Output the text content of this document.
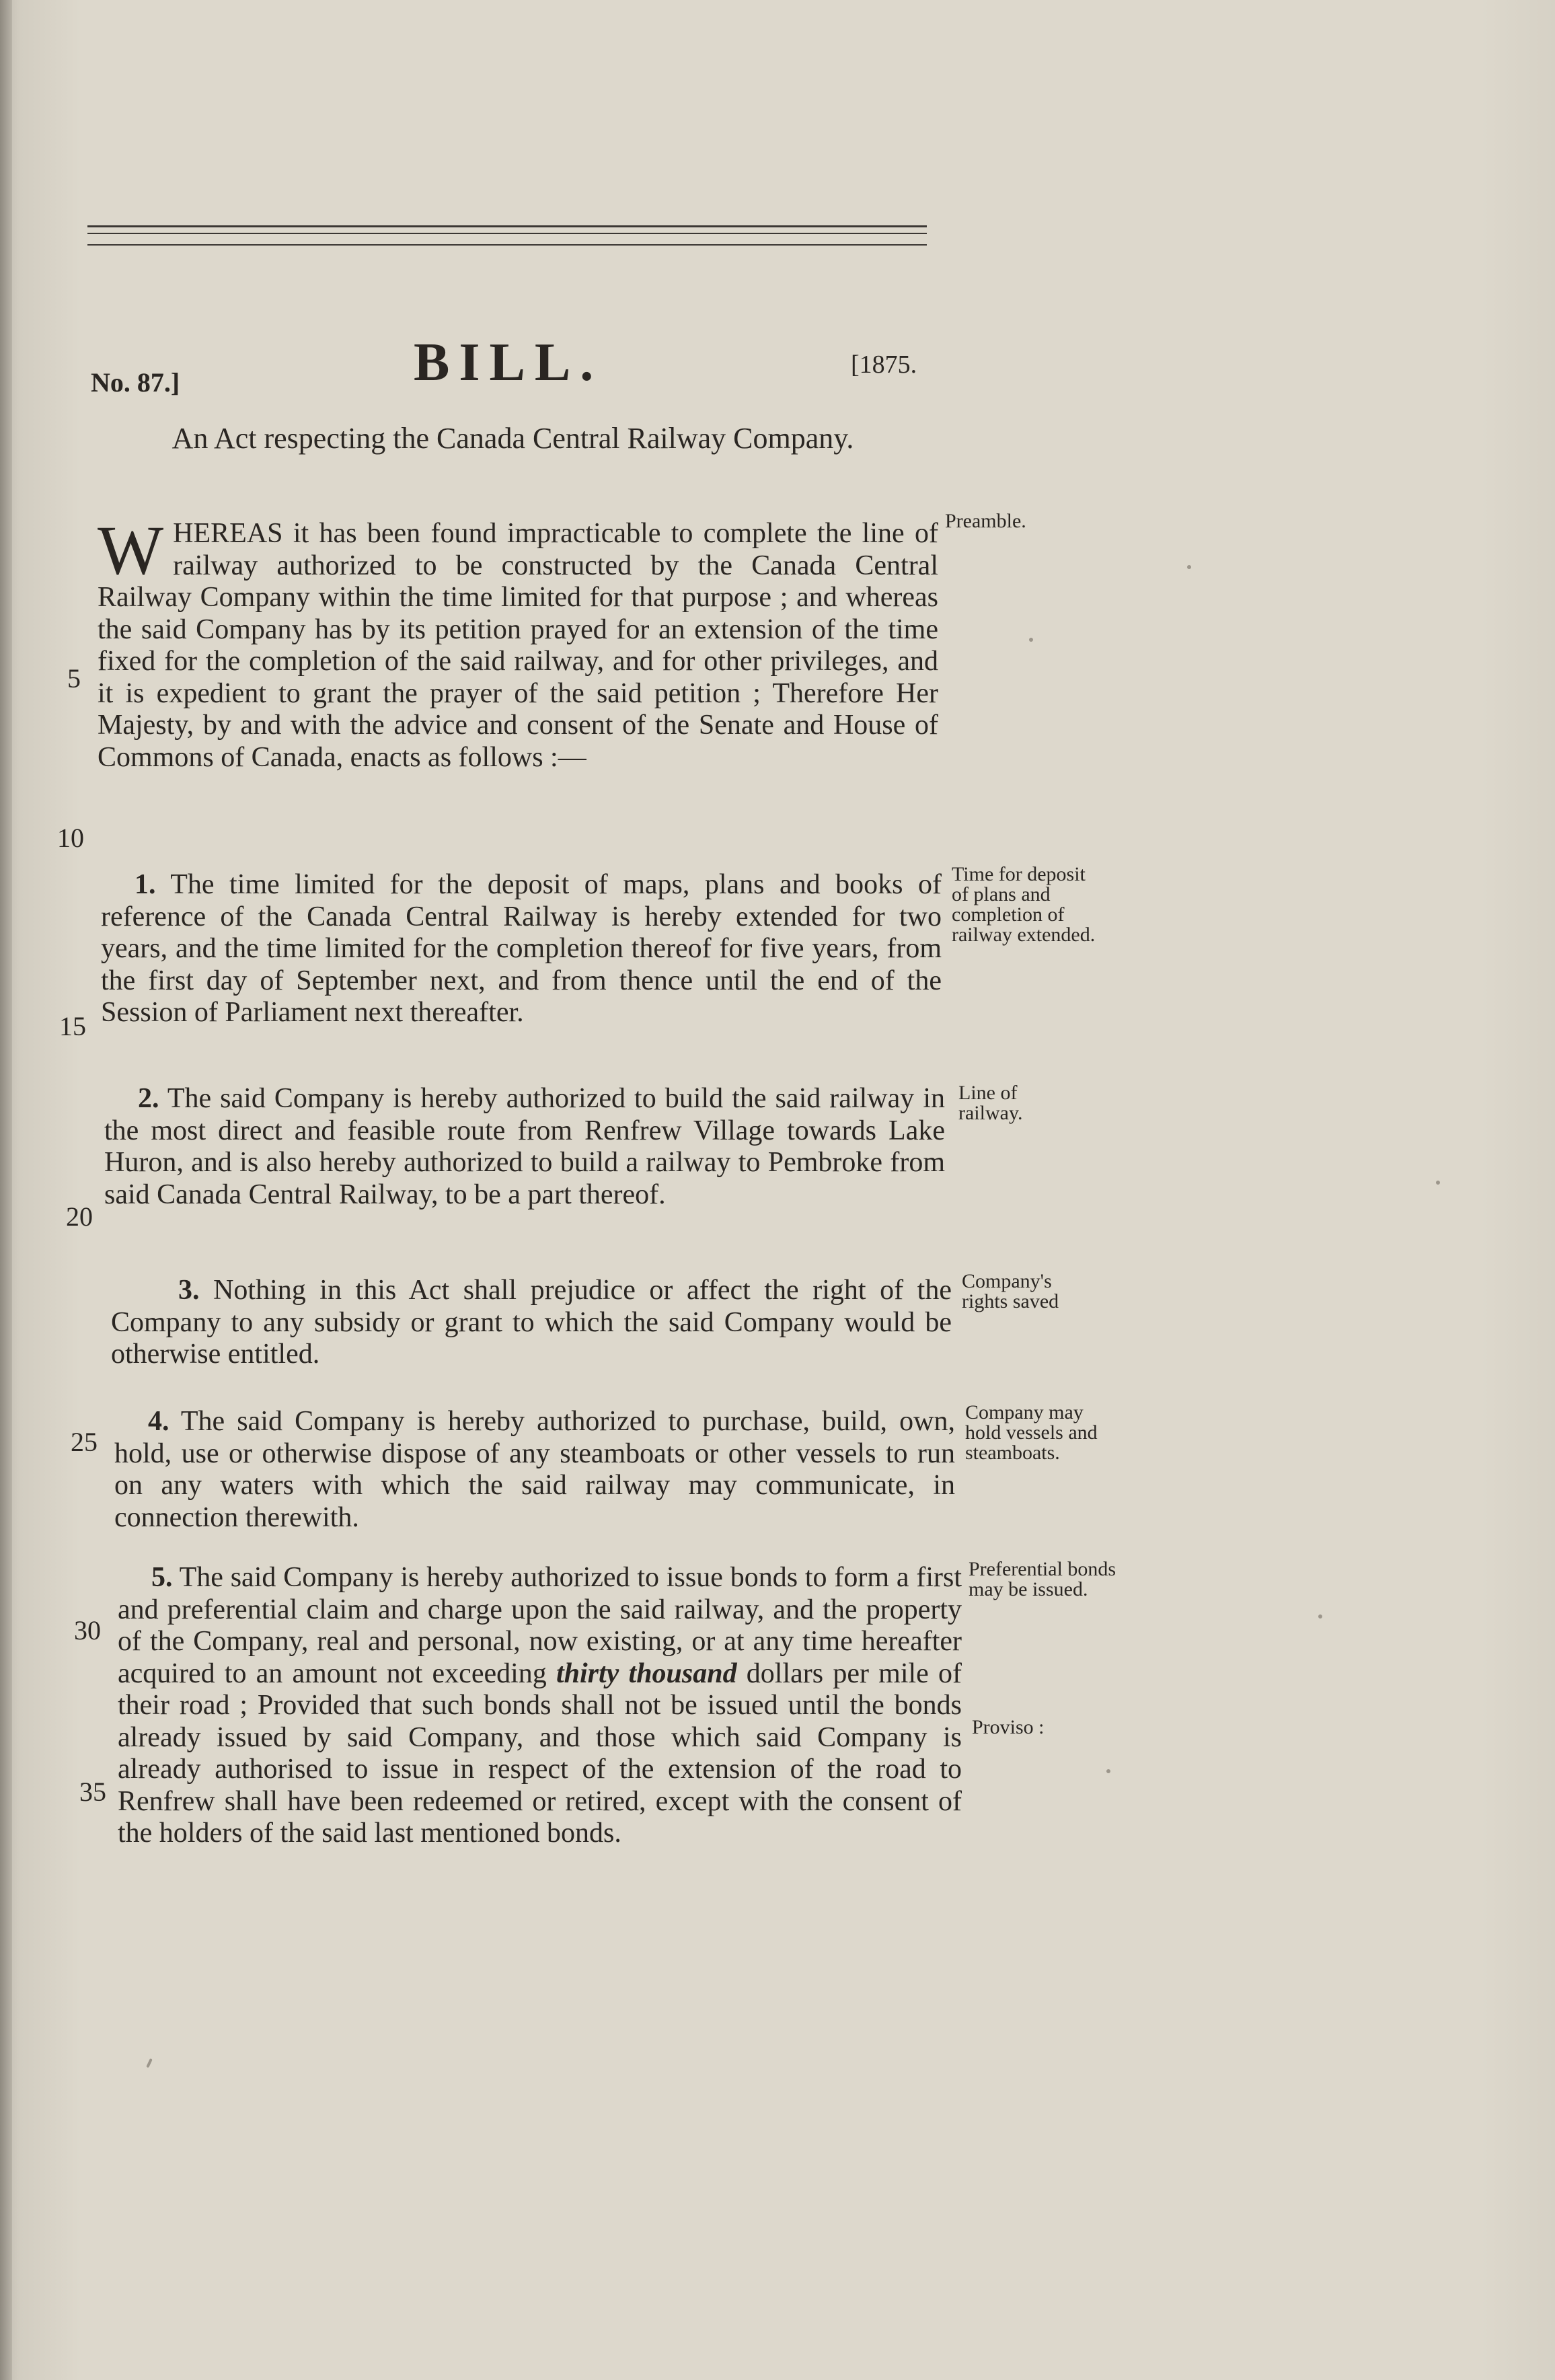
No. 87.]	BILL.	[1875.
An Act respecting the Canada Central Railway Company.

WHEREAS it has been found impracticable to complete the line of railway authorized to be constructed by the Canada Central Railway Company within the time limited for that purpose ; and whereas the said Company has by its petition prayed for an extension of the time fixed for the completion of the said railway, and for other privileges, and it is expedient to grant the prayer of the said petition ; Therefore Her Majesty, by and with the advice and consent of the Senate and House of Commons of Canada, enacts as follows :—

Preamble.

1. The time limited for the deposit of maps, plans and books of reference of the Canada Central Railway is hereby extended for two years, and the time limited for the completion thereof for five years, from the first day of September next, and from thence until the end of the Session of Parliament next thereafter.

Time for deposit of plans and completion of railway extended.

2. The said Company is hereby authorized to build the said railway in the most direct and feasible route from Renfrew Village towards Lake Huron, and is also hereby authorized to build a railway to Pembroke from said Canada Central Railway, to be a part thereof.

Line of railway.

3. Nothing in this Act shall prejudice or affect the right of the Company to any subsidy or grant to which the said Company would be otherwise entitled.

Company's rights saved

4. The said Company is hereby authorized to purchase, build, own, hold, use or otherwise dispose of any steamboats or other vessels to run on any waters with which the said railway may communicate, in connection therewith.

Company may hold vessels and steamboats.

5. The said Company is hereby authorized to issue bonds to form a first and preferential claim and charge upon the said railway, and the property of the Company, real and personal, now existing, or at any time hereafter acquired to an amount not exceeding thirty thousand dollars per mile of their road ; Provided that such bonds shall not be issued until the bonds already issued by said Company, and those which said Company is already authorised to issue in respect of the extension of the road to Renfrew shall have been redeemed or retired, except with the consent of the holders of the said last mentioned bonds.

Preferential bonds may be issued.
Proviso :
5
10
15
20
25
30
35
